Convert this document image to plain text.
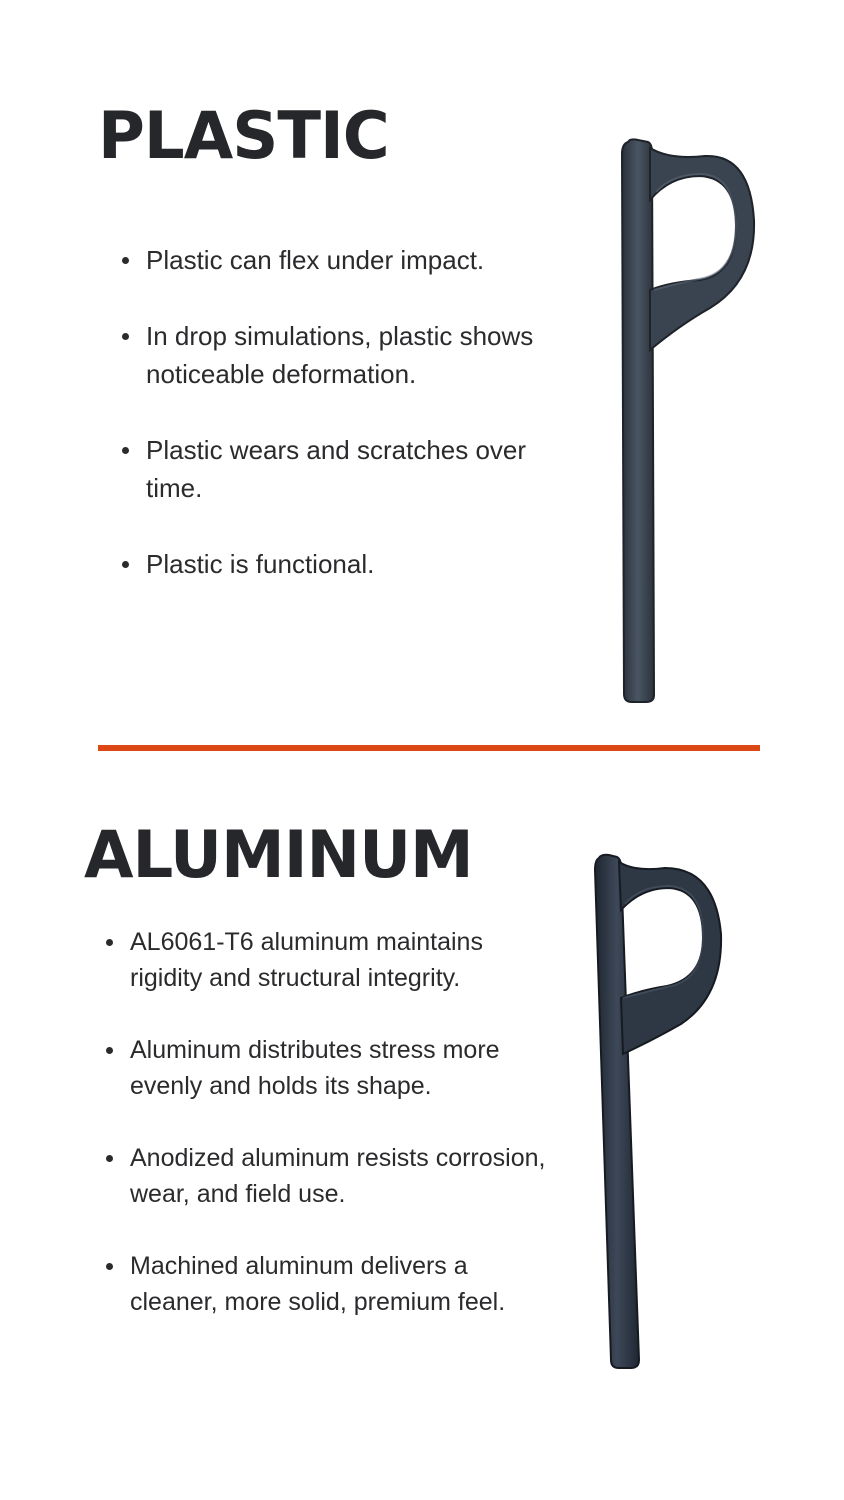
PLASTIC
Plastic can flex under impact.
In drop simulations, plastic shows noticeable deformation.
Plastic wears and scratches over time.
Plastic is functional.
ALUMINUM
AL6061-T6 aluminum maintains rigidity and structural integrity.
Aluminum distributes stress more evenly and holds its shape.
Anodized aluminum resists corrosion, wear, and field use.
Machined aluminum delivers a cleaner, more solid, premium feel.
